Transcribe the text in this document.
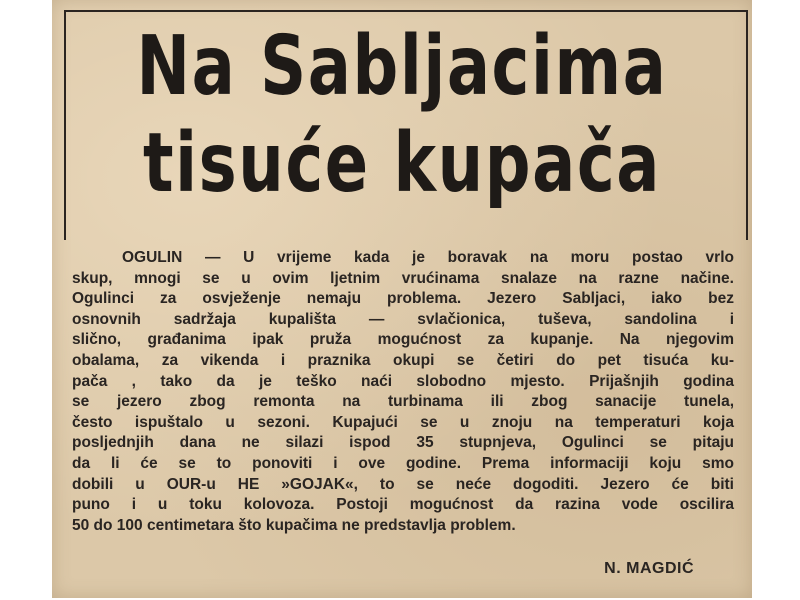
Na Sabljacima
tisuće kupača
OGULIN — U vrijeme kada je boravak na moru postao vrlo
skup, mnogi se u ovim ljetnim vrućinama snalaze na razne načine.
Ogulinci za osvježenje nemaju problema. Jezero Sabljaci, iako bez
osnovnih sadržaja kupališta — svlačionica, tuševa, sandolina i
slično, građanima ipak pruža mogućnost za kupanje. Na njegovim
obalama, za vikenda i praznika okupi se četiri do pet tisuća ku-
pača , tako da je teško naći slobodno mjesto. Prijašnjih godina
se jezero zbog remonta na turbinama ili zbog sanacije tunela,
često ispuštalo u sezoni. Kupajući se u znoju na temperaturi koja
posljednjih dana ne silazi ispod 35 stupnjeva, Ogulinci se pitaju
da li će se to ponoviti i ove godine. Prema informaciji koju smo
dobili u OUR-u HE »GOJAK«, to se neće dogoditi. Jezero će biti
puno i u toku kolovoza. Postoji mogućnost da razina vode oscilira
50 do 100 centimetara što kupačima ne predstavlja problem.
N. MAGDIĆ
